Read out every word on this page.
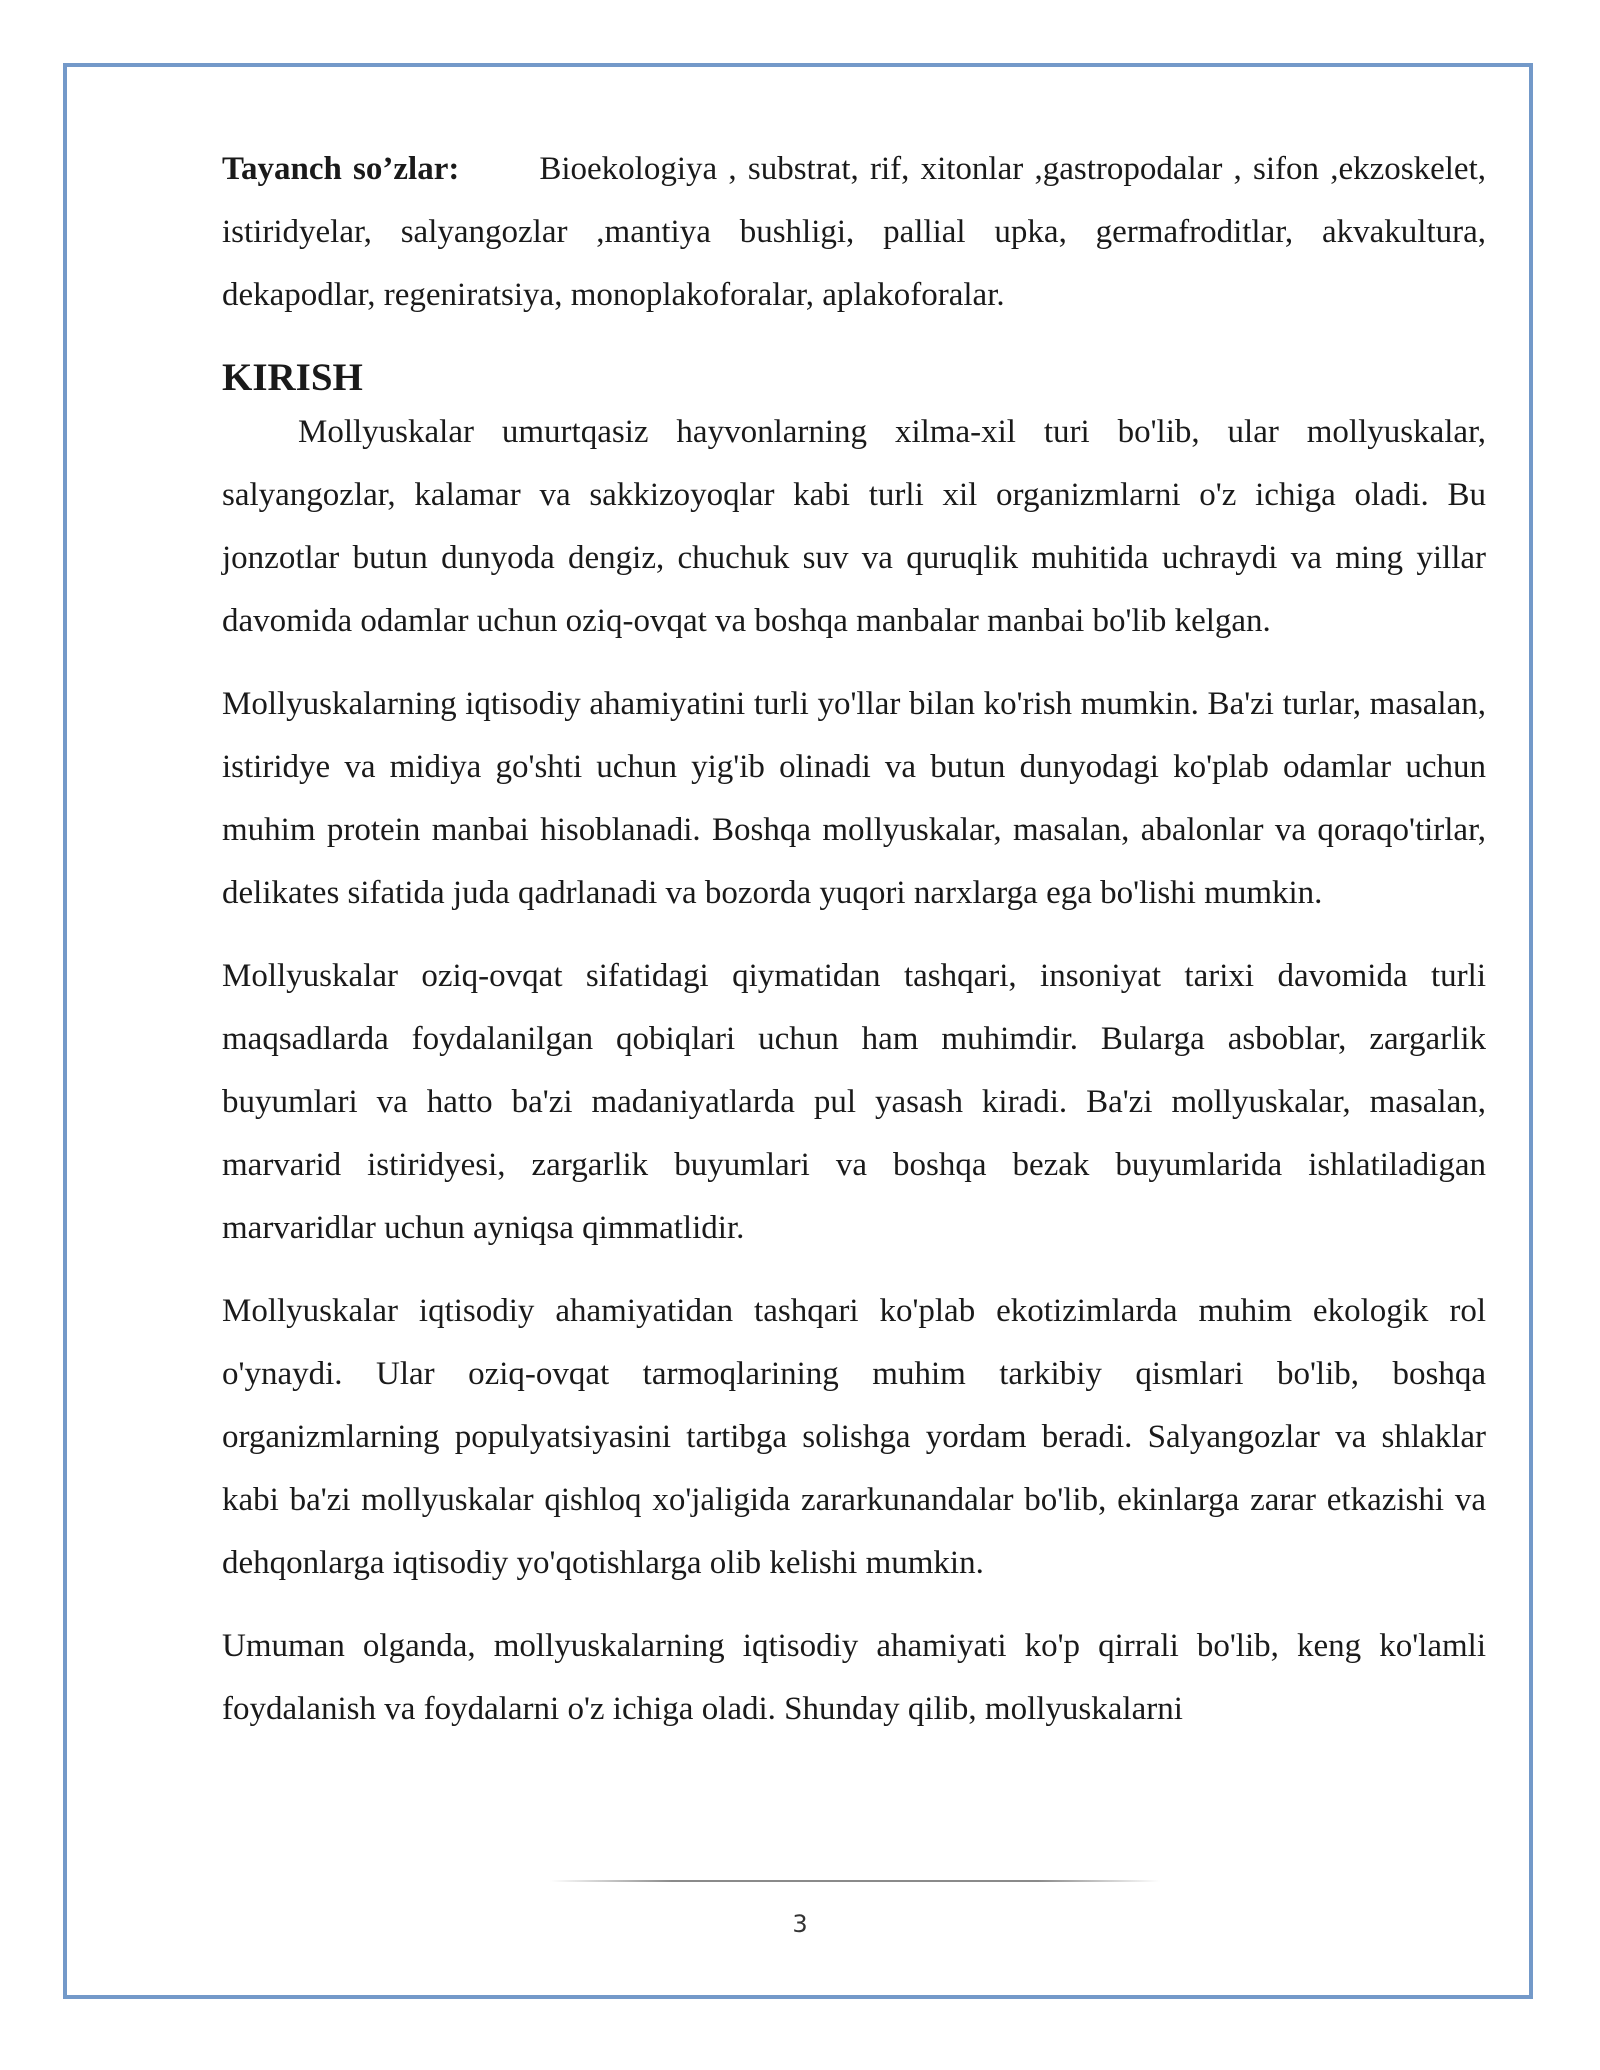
Tayanch so’zlar: Bioekologiya , substrat, rif, xitonlar ,gastropodalar , sifon ,ekzoskelet, istiridyelar, salyangozlar ,mantiya bushligi, pallial upka, germafroditlar, akvakultura, dekapodlar, regeniratsiya, monoplakoforalar, aplakoforalar.

KIRISH

Mollyuskalar umurtqasiz hayvonlarning xilma-xil turi bo'lib, ular mollyuskalar, salyangozlar, kalamar va sakkizoyoqlar kabi turli xil organizmlarni o'z ichiga oladi. Bu jonzotlar butun dunyoda dengiz, chuchuk suv va quruqlik muhitida uchraydi va ming yillar davomida odamlar uchun oziq-ovqat va boshqa manbalar manbai bo'lib kelgan.

Mollyuskalarning iqtisodiy ahamiyatini turli yo'llar bilan ko'rish mumkin. Ba'zi turlar, masalan, istiridye va midiya go'shti uchun yig'ib olinadi va butun dunyodagi ko'plab odamlar uchun muhim protein manbai hisoblanadi. Boshqa mollyuskalar, masalan, abalonlar va qoraqo'tirlar, delikates sifatida juda qadrlanadi va bozorda yuqori narxlarga ega bo'lishi mumkin.

Mollyuskalar oziq-ovqat sifatidagi qiymatidan tashqari, insoniyat tarixi davomida turli maqsadlarda foydalanilgan qobiqlari uchun ham muhimdir. Bularga asboblar, zargarlik buyumlari va hatto ba'zi madaniyatlarda pul yasash kiradi. Ba'zi mollyuskalar, masalan, marvarid istiridyesi, zargarlik buyumlari va boshqa bezak buyumlarida ishlatiladigan marvaridlar uchun ayniqsa qimmatlidir.

Mollyuskalar iqtisodiy ahamiyatidan tashqari ko'plab ekotizimlarda muhim ekologik rol o'ynaydi. Ular oziq-ovqat tarmoqlarining muhim tarkibiy qismlari bo'lib, boshqa organizmlarning populyatsiyasini tartibga solishga yordam beradi. Salyangozlar va shlaklar kabi ba'zi mollyuskalar qishloq xo'jaligida zararkunandalar bo'lib, ekinlarga zarar etkazishi va dehqonlarga iqtisodiy yo'qotishlarga olib kelishi mumkin.

Umuman olganda, mollyuskalarning iqtisodiy ahamiyati ko'p qirrali bo'lib, keng ko'lamli foydalanish va foydalarni o'z ichiga oladi. Shunday qilib, mollyuskalarni

3
